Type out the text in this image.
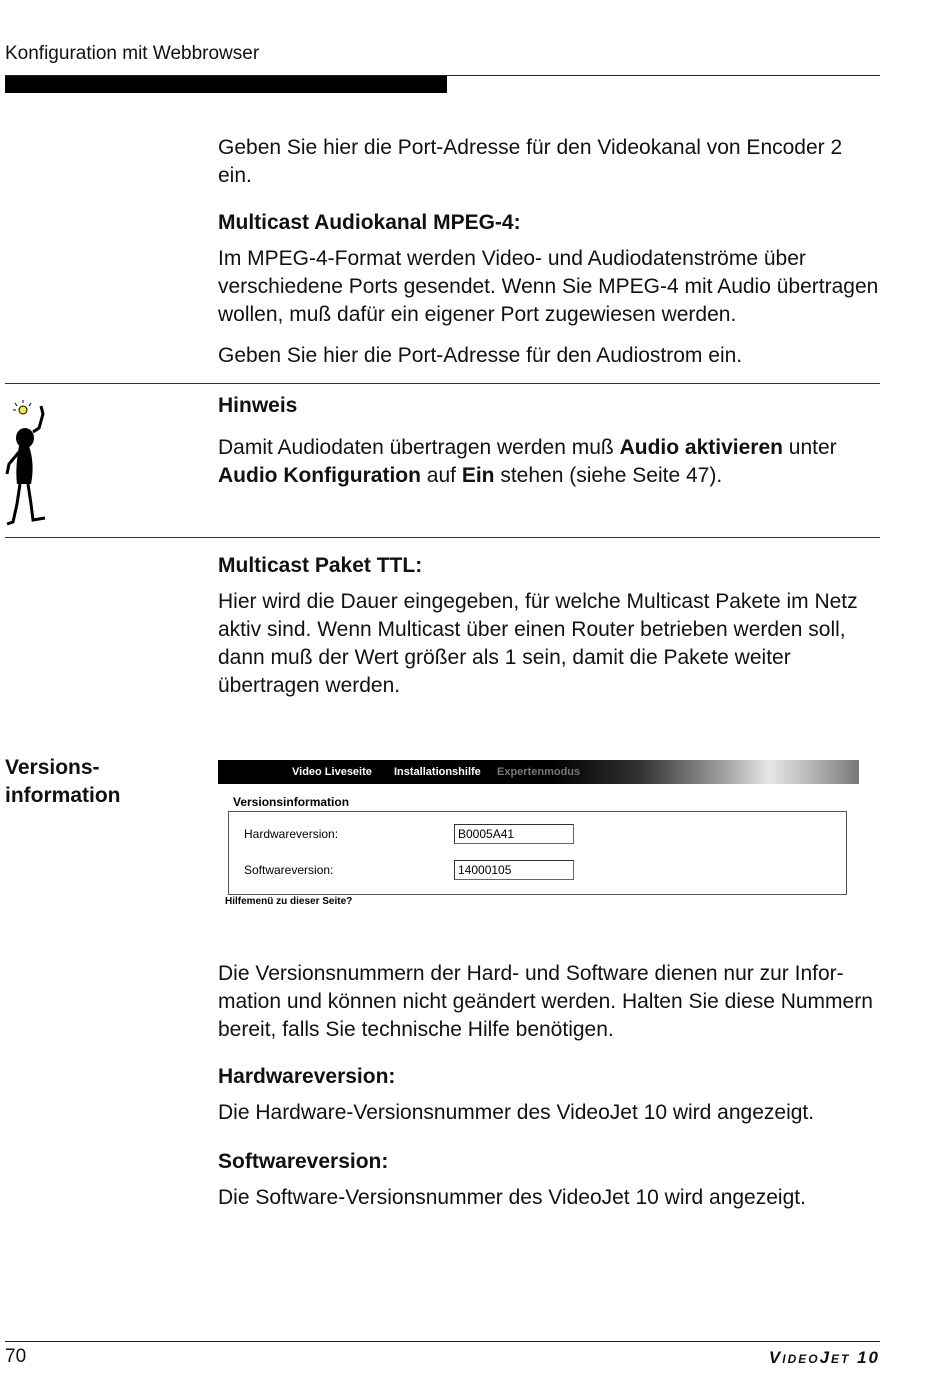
Konfiguration mit Webbrowser

Geben Sie hier die Port-Adresse für den Videokanal von Encoder 2 ein.

Multicast Audiokanal MPEG-4:

Im MPEG-4-Format werden Video- und Audiodatenströme über verschiedene Ports gesendet. Wenn Sie MPEG-4 mit Audio übertragen wollen, muß dafür ein eigener Port zugewiesen werden.

Geben Sie hier die Port-Adresse für den Audiostrom ein.

Hinweis

Damit Audiodaten übertragen werden muß Audio aktivieren unter Audio Konfiguration auf Ein stehen (siehe Seite 47).

Multicast Paket TTL:

Hier wird die Dauer eingegeben, für welche Multicast Pakete im Netz aktiv sind. Wenn Multicast über einen Router betrieben werden soll, dann muß der Wert größer als 1 sein, damit die Pakete weiter übertragen werden.

Versions-
information
Video Liveseite Installationshilfe Expertenmodus
Versionsinformation
Hardwareversion:
B0005A41
Softwareversion:
14000105
Hilfemenü zu dieser Seite?

Die Versionsnummern der Hard- und Software dienen nur zur Information und können nicht geändert werden. Halten Sie diese Nummern bereit, falls Sie technische Hilfe benötigen.

Hardwareversion:

Die Hardware-Versionsnummer des VideoJet 10 wird angezeigt.

Softwareversion:

Die Software-Versionsnummer des VideoJet 10 wird angezeigt.

70	VideoJet 10
